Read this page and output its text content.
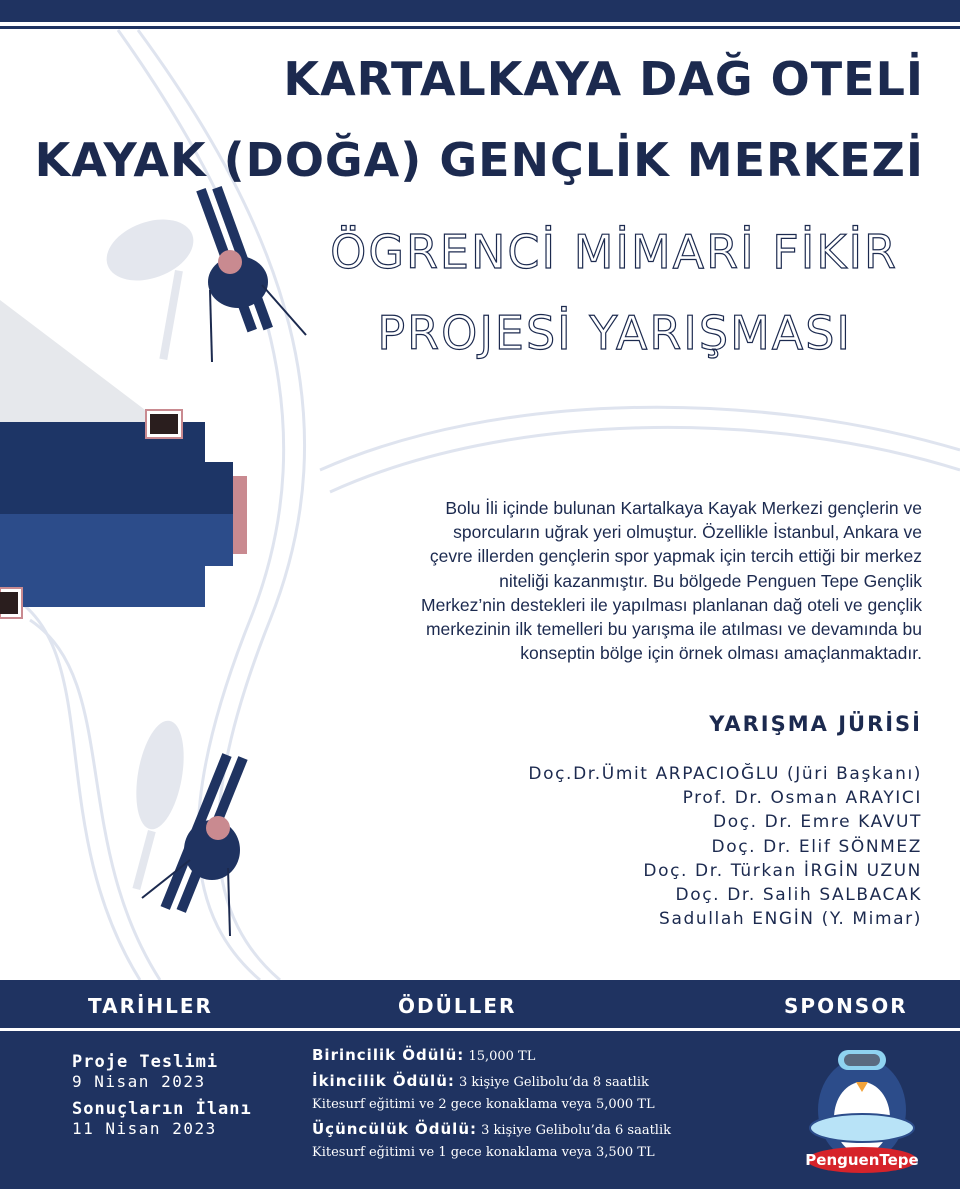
KARTALKAYA DAĞ OTELİ
KAYAK (DOĞA) GENÇLİK MERKEZİ
ÖGRENCİ MİMARİ FİKİR
PROJESİ YARIŞMASI
Bolu İli içinde bulunan Kartalkaya Kayak Merkezi gençlerin ve
sporcuların uğrak yeri olmuştur. Özellikle İstanbul, Ankara ve
çevre illerden gençlerin spor yapmak için tercih ettiği bir merkez
niteliği kazanmıştır. Bu bölgede Penguen Tepe Gençlik
Merkez’nin destekleri ile yapılması planlanan dağ oteli ve gençlik
merkezinin ilk temelleri bu yarışma ile atılması ve devamında bu
konseptin bölge için örnek olması amaçlanmaktadır.
YARIŞMA JÜRİSİ
Doç.Dr.Ümit ARPACIOĞLU (Jüri Başkanı)
Prof. Dr. Osman ARAYICI
Doç. Dr. Emre KAVUT
Doç. Dr. Elif SÖNMEZ
Doç. Dr. Türkan İRGİN UZUN
Doç. Dr. Salih SALBACAK
Sadullah ENGİN (Y. Mimar)
TARİHLER	ÖDÜLLER	SPONSOR
Proje Teslimi
9 Nisan 2023
Sonuçların İlanı
11 Nisan 2023
Birincilik Ödülü: 15,000 TL
İkincilik Ödülü: 3 kişiye Gelibolu’da 8 saatlik
Kitesurf eğitimi ve 2 gece konaklama veya 5,000 TL
Üçüncülük Ödülü: 3 kişiye Gelibolu’da 6 saatlik
Kitesurf eğitimi ve 1 gece konaklama veya 3,500 TL	PenguenTepe
